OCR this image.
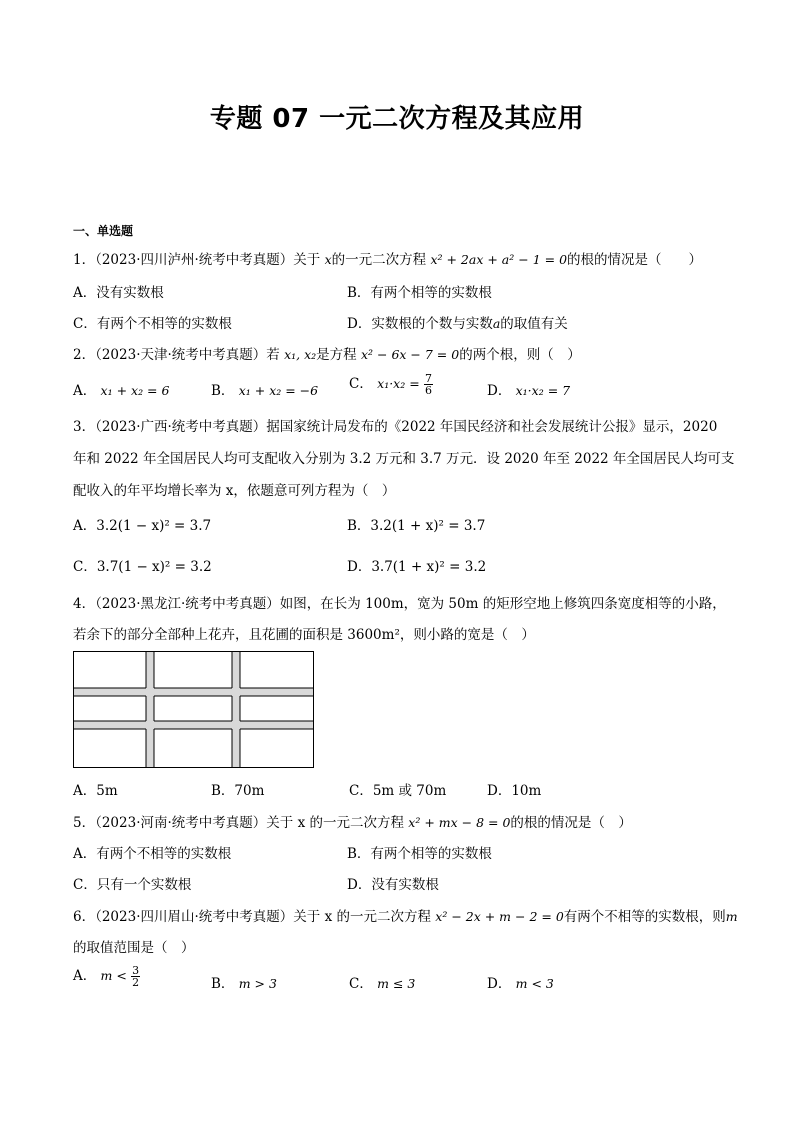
专题 07 一元二次方程及其应用
一、单选题
1．（2023·四川泸州·统考中考真题）关于 x的一元二次方程 x² + 2ax + a² − 1 = 0的根的情况是（　　）
A．没有实数根	B．有两个相等的实数根
C．有两个不相等的实数根	D．实数根的个数与实数a的取值有关
2．（2023·天津·统考中考真题）若 x₁, x₂是方程 x² − 6x − 7 = 0的两个根，则（　）
A． x₁ + x₂ = 6	B． x₁ + x₂ = −6 C． $x_1\cdot x_2 = \frac{7}{6}$	D． x₁·x₂ = 7
3．（2023·广西·统考中考真题）据国家统计局发布的《2022 年国民经济和社会发展统计公报》显示，2020
年和 2022 年全国居民人均可支配收入分别为 3.2 万元和 3.7 万元．设 2020 年至 2022 年全国居民人均可支
配收入的年平均增长率为 x，依题意可列方程为（　）
A．3.2(1 − x)² = 3.7	B．3.2(1 + x)² = 3.7
C．3.7(1 − x)² = 3.2	D．3.7(1 + x)² = 3.2
4．（2023·黑龙江·统考中考真题）如图，在长为 100m，宽为 50m 的矩形空地上修筑四条宽度相等的小路，
若余下的部分全部种上花卉，且花圃的面积是 3600m²，则小路的宽是（　）
A．5m	B．70m	C．5m 或 70m	D．10m
5．（2023·河南·统考中考真题）关于 x 的一元二次方程 x² + mx − 8 = 0的根的情况是（　）
A．有两个不相等的实数根	B．有两个相等的实数根
C．只有一个实数根	D．没有实数根
6．（2023·四川眉山·统考中考真题）关于 x 的一元二次方程 x² − 2x + m − 2 = 0有两个不相等的实数根，则m
的取值范围是（　）
A． $m < \frac{3}{2}$	B． m > 3	C． m ≤ 3	D． m < 3
